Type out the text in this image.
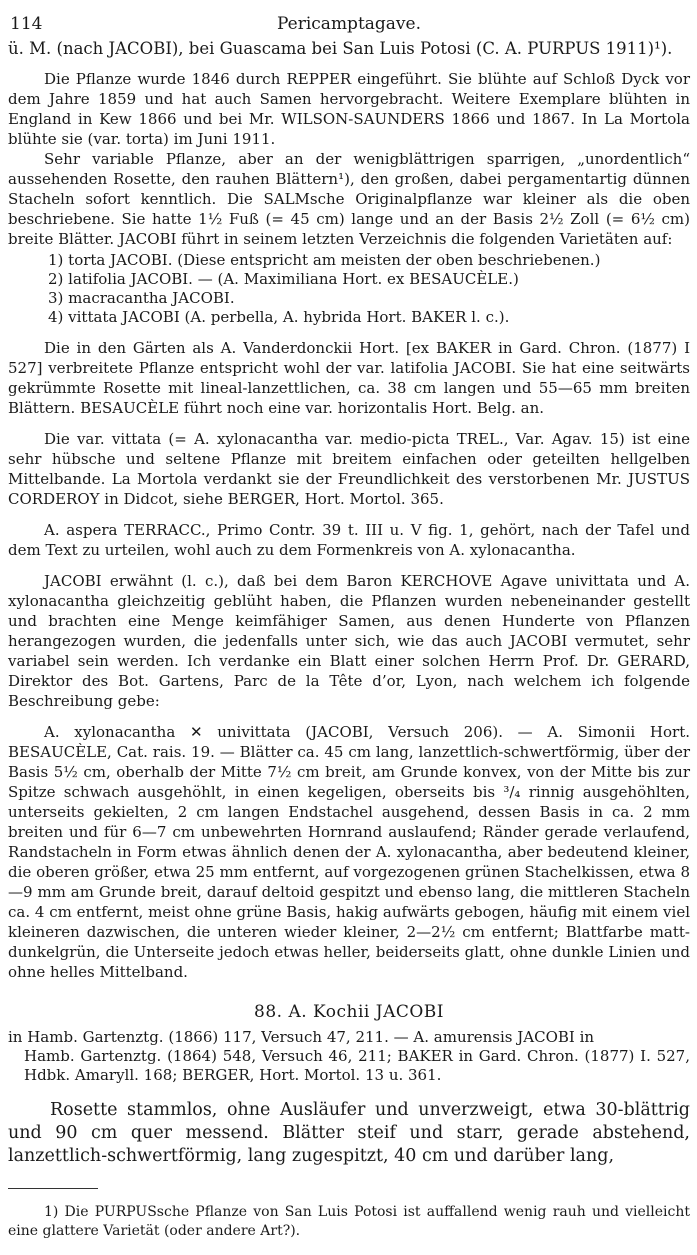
114	Pericamptagave.

ü. M. (nach JACOBI), bei Guascama bei San Luis Potosi (C. A. PURPUS 1911)¹).

Die Pflanze wurde 1846 durch REPPER eingeführt. Sie blühte auf Schloß Dyck vor dem Jahre 1859 und hat auch Samen hervorgebracht. Weitere Exemplare blühten in England in Kew 1866 und bei Mr. WILSON-SAUNDERS 1866 und 1867. In La Mortola blühte sie (var. torta) im Juni 1911.

Sehr variable Pflanze, aber an der wenigblättrigen sparrigen, „unordentlich“ aussehenden Rosette, den rauhen Blättern¹), den großen, dabei pergamentartig dünnen Stacheln sofort kenntlich. Die SALMsche Originalpflanze war kleiner als die oben beschriebene. Sie hatte 1½ Fuß (= 45 cm) lange und an der Basis 2½ Zoll (= 6½ cm) breite Blätter. JACOBI führt in seinem letzten Verzeichnis die folgenden Varietäten auf:

1) torta JACOBI. (Diese entspricht am meisten der oben beschriebenen.)
2) latifolia JACOBI. — (A. Maximiliana Hort. ex BESAUCÈLE.)
3) macracantha JACOBI.
4) vittata JACOBI (A. perbella, A. hybrida Hort. BAKER l. c.).

Die in den Gärten als A. Vanderdonckii Hort. [ex BAKER in Gard. Chron. (1877) I 527] verbreitete Pflanze entspricht wohl der var. latifolia JACOBI. Sie hat eine seitwärts gekrümmte Rosette mit lineal-lanzettlichen, ca. 38 cm langen und 55—65 mm breiten Blättern. BESAUCÈLE führt noch eine var. horizontalis Hort. Belg. an.

Die var. vittata (= A. xylonacantha var. medio-picta TREL., Var. Agav. 15) ist eine sehr hübsche und seltene Pflanze mit breitem einfachen oder geteilten hellgelben Mittelbande. La Mortola verdankt sie der Freundlichkeit des verstorbenen Mr. JUSTUS CORDEROY in Didcot, siehe BERGER, Hort. Mortol. 365.

A. aspera TERRACC., Primo Contr. 39 t. III u. V fig. 1, gehört, nach der Tafel und dem Text zu urteilen, wohl auch zu dem Formenkreis von A. xylonacantha.

JACOBI erwähnt (l. c.), daß bei dem Baron KERCHOVE Agave univittata und A. xylonacantha gleichzeitig geblüht haben, die Pflanzen wurden nebeneinander gestellt und brachten eine Menge keimfähiger Samen, aus denen Hunderte von Pflanzen herangezogen wurden, die jedenfalls unter sich, wie das auch JACOBI vermutet, sehr variabel sein werden. Ich verdanke ein Blatt einer solchen Herrn Prof. Dr. GERARD, Direktor des Bot. Gartens, Parc de la Tête d’or, Lyon, nach welchem ich folgende Beschreibung gebe:

A. xylonacantha ✕ univittata (JACOBI, Versuch 206). — A. Simonii Hort. BESAUCÈLE, Cat. rais. 19. — Blätter ca. 45 cm lang, lanzettlich-schwertförmig, über der Basis 5½ cm, oberhalb der Mitte 7½ cm breit, am Grunde konvex, von der Mitte bis zur Spitze schwach ausgehöhlt, in einen kegeligen, oberseits bis ³/₄ rinnig ausgehöhlten, unterseits gekielten, 2 cm langen Endstachel ausgehend, dessen Basis in ca. 2 mm breiten und für 6—7 cm unbewehrten Hornrand auslaufend; Ränder gerade verlaufend, Randstacheln in Form etwas ähnlich denen der A. xylonacantha, aber bedeutend kleiner, die oberen größer, etwa 25 mm entfernt, auf vorgezogenen grünen Stachelkissen, etwa 8—9 mm am Grunde breit, darauf deltoid gespitzt und ebenso lang, die mittleren Stacheln ca. 4 cm entfernt, meist ohne grüne Basis, hakig aufwärts gebogen, häufig mit einem viel kleineren dazwischen, die unteren wieder kleiner, 2—2½ cm entfernt; Blattfarbe matt-dunkelgrün, die Unterseite jedoch etwas heller, beiderseits glatt, ohne dunkle Linien und ohne helles Mittelband.

88. A. Kochii JACOBI
in Hamb. Gartenztg. (1866) 117, Versuch 47, 211. — A. amurensis JACOBI in
Hamb. Gartenztg. (1864) 548, Versuch 46, 211; BAKER in Gard. Chron. (1877) I. 527, Hdbk. Amaryll. 168; BERGER, Hort. Mortol. 13 u. 361.

Rosette stammlos, ohne Ausläufer und unverzweigt, etwa 30-blättrig und 90 cm quer messend. Blätter steif und starr, gerade abstehend, lanzettlich-schwertförmig, lang zugespitzt, 40 cm und darüber lang,

1) Die PURPUSsche Pflanze von San Luis Potosi ist auffallend wenig rauh und vielleicht eine glattere Varietät (oder andere Art?).
